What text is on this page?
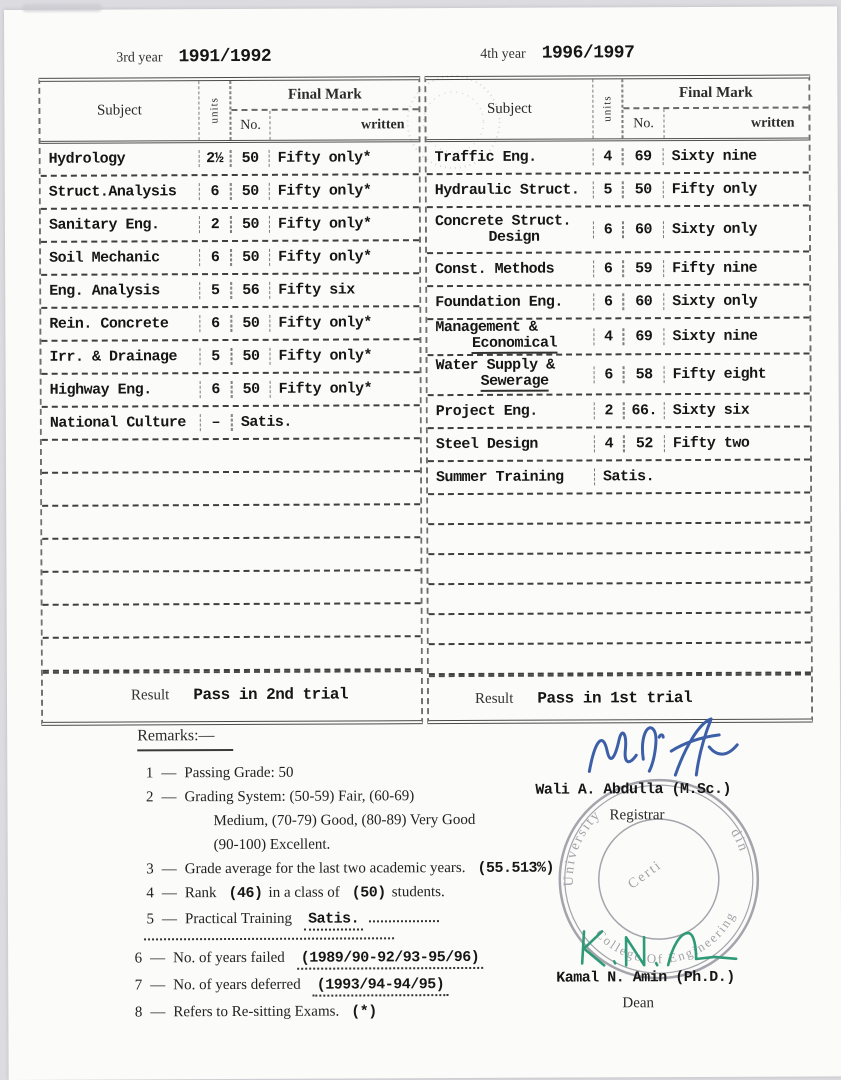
3rd year 1991/1992	4th year 1996/1997
Subject	units
Final Mark
No.	written
Hydrology	2½	50	Fifty only*
Struct.Analysis	6	50	Fifty only*
Sanitary Eng.	2	50	Fifty only*
Soil Mechanic	6	50	Fifty only*
Eng. Analysis	5	56	Fifty six
Rein. Concrete	6	50	Fifty only*
Irr. & Drainage	5	50	Fifty only*
Highway Eng.	6	50	Fifty only*
National Culture	–	Satis.
Result Pass in 2nd trial
Subject	units
Final Mark
No.	written
Traffic Eng.	4	69	Sixty nine
Hydraulic Struct.	5	50	Fifty only
Concrete Struct.
Design	6	60	Sixty only
Const. Methods	6	59	Fifty nine
Foundation Eng.	6	60	Sixty only
Management &
Economical	4	69	Sixty nine
Water Supply &
Sewerage	6	58	Fifty eight
Project Eng.	2	66.	Sixty six
Steel Design	4	52	Fifty two
Summer Training	Satis.
Result Pass in 1st trial
Remarks:—
1 — Passing Grade: 50
2 — Grading System: (50-59) Fair, (60-69)
Medium, (70-79) Good, (80-89) Very Good
(90-100) Excellent.
3 — Grade average for the last two academic years. (55.513%)
4 — Rank (46) in a class of (50) students.
5 — Practical Training Satis.
6 — No. of years failed (1989/90-92/93-95/96)
7 — No. of years deferred (1993/94-94/95)
8 — Refers to Re-sitting Exams. (*)
University
din
College Of Engineering
Certi
Wali A. Abdulla (M.Sc.)
Registrar
Kamal N. Amin (Ph.D.)
Dean
